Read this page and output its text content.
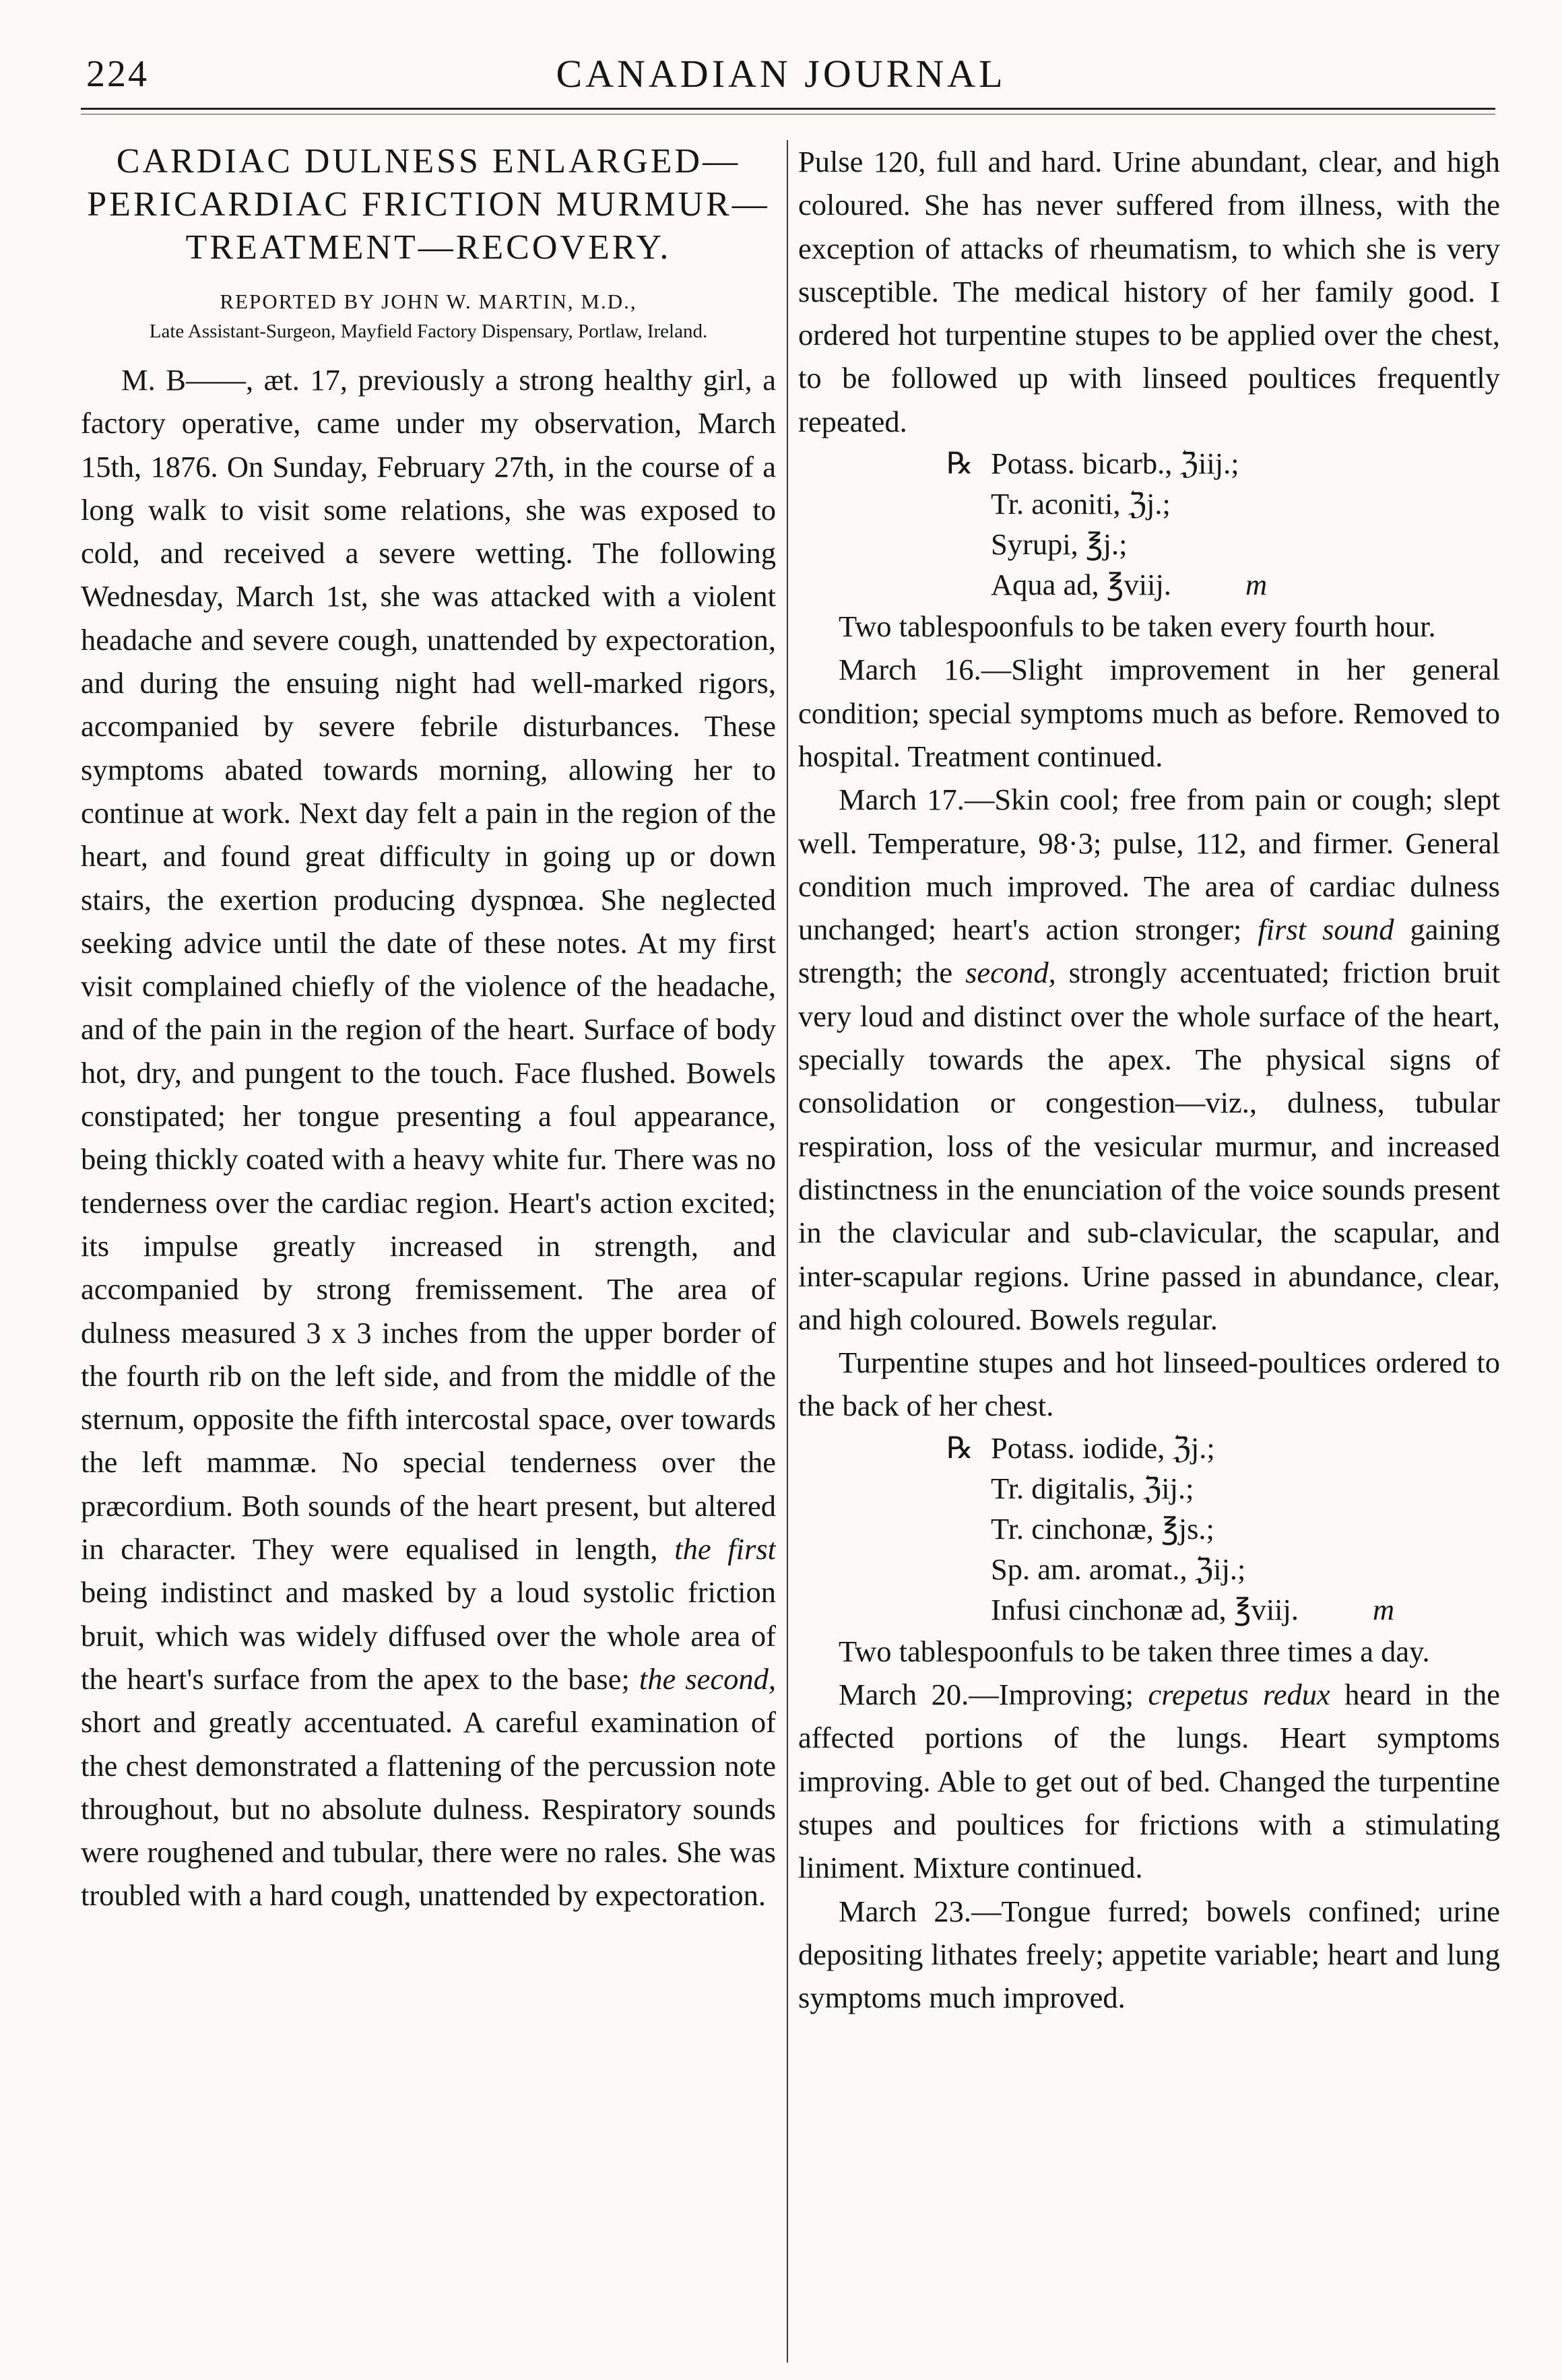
224	CANADIAN JOURNAL
CARDIAC DULNESS ENLARGED—PERICARDIAC FRICTION MURMUR—TREATMENT—RECOVERY.
REPORTED BY JOHN W. MARTIN, M.D.,
Late Assistant-Surgeon, Mayfield Factory Dispensary, Portlaw, Ireland.

M. B——, æt. 17, previously a strong healthy girl, a factory operative, came under my observation, March 15th, 1876. On Sunday, February 27th, in the course of a long walk to visit some relations, she was exposed to cold, and received a severe wetting. The following Wednesday, March 1st, she was attacked with a violent headache and severe cough, unattended by expectoration, and during the ensuing night had well-marked rigors, accompanied by severe febrile disturbances. These symptoms abated towards morning, allowing her to continue at work. Next day felt a pain in the region of the heart, and found great difficulty in going up or down stairs, the exertion producing dyspnœa. She neglected seeking advice until the date of these notes. At my first visit complained chiefly of the violence of the headache, and of the pain in the region of the heart. Surface of body hot, dry, and pungent to the touch. Face flushed. Bowels constipated; her tongue presenting a foul appearance, being thickly coated with a heavy white fur. There was no tenderness over the cardiac region. Heart's action excited; its impulse greatly increased in strength, and accompanied by strong fremissement. The area of dulness measured 3 x 3 inches from the upper border of the fourth rib on the left side, and from the middle of the sternum, opposite the fifth intercostal space, over towards the left mammæ. No special tenderness over the præcordium. Both sounds of the heart present, but altered in character. They were equalised in length, the first being indistinct and masked by a loud systolic friction bruit, which was widely diffused over the whole area of the heart's surface from the apex to the base; the second, short and greatly accentuated. A careful examination of the chest demonstrated a flattening of the percussion note throughout, but no absolute dulness. Respiratory sounds were roughened and tubular, there were no rales. She was troubled with a hard cough, unattended by expectoration.

Pulse 120, full and hard. Urine abundant, clear, and high coloured. She has never suffered from illness, with the exception of attacks of rheumatism, to which she is very susceptible. The medical history of her family good. I ordered hot turpentine stupes to be applied over the chest, to be followed up with linseed poultices frequently repeated.

℞ Potass. bicarb., ℨiij.;
Tr. aconiti, ℨj.;
Syrupi, ℥j.;
Aqua ad, ℥viij. m

Two tablespoonfuls to be taken every fourth hour.

March 16.—Slight improvement in her general condition; special symptoms much as before. Removed to hospital. Treatment continued.

March 17.—Skin cool; free from pain or cough; slept well. Temperature, 98·3; pulse, 112, and firmer. General condition much improved. The area of cardiac dulness unchanged; heart's action stronger; first sound gaining strength; the second, strongly accentuated; friction bruit very loud and distinct over the whole surface of the heart, specially towards the apex. The physical signs of consolidation or congestion—viz., dulness, tubular respiration, loss of the vesicular murmur, and increased distinctness in the enunciation of the voice sounds present in the clavicular and sub-clavicular, the scapular, and inter-scapular regions. Urine passed in abundance, clear, and high coloured. Bowels regular.

Turpentine stupes and hot linseed-poultices ordered to the back of her chest.

℞ Potass. iodide, ℨj.;
Tr. digitalis, ℨij.;
Tr. cinchonæ, ℥js.;
Sp. am. aromat., ℨij.;
Infusi cinchonæ ad, ℥viij. m

Two tablespoonfuls to be taken three times a day.

March 20.—Improving; crepetus redux heard in the affected portions of the lungs. Heart symptoms improving. Able to get out of bed. Changed the turpentine stupes and poultices for frictions with a stimulating liniment. Mixture continued.

March 23.—Tongue furred; bowels confined; urine depositing lithates freely; appetite variable; heart and lung symptoms much improved.
